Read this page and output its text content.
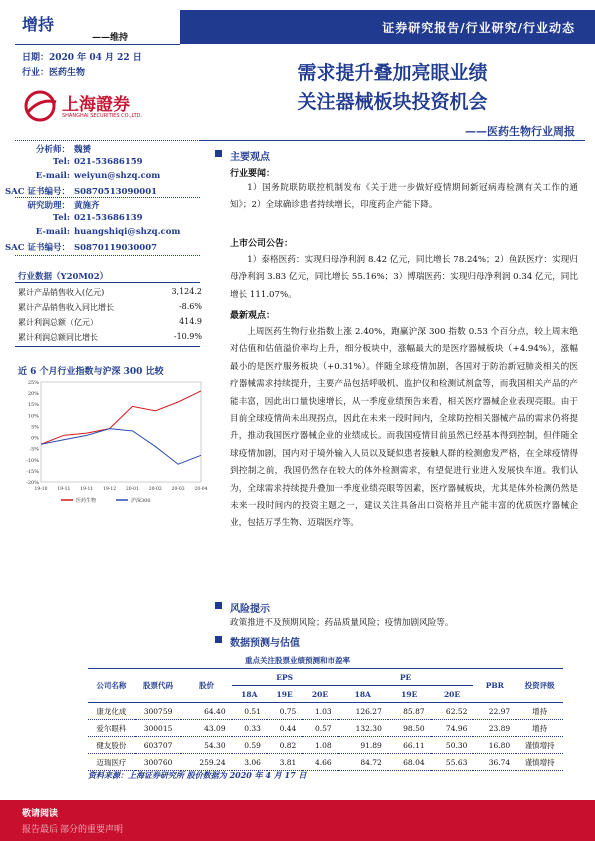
增持
——维持
日期：2020 年 04 月 22 日
行业：医药生物
证券研究报告/行业研究/行业动态
上海證券
SHANGHAI SECURITIES CO.,LTD.
需求提升叠加亮眼业绩
关注器械板块投资机会
——医药生物行业周报
分析师： 魏赟
Tel: 021-53686159
E-mail: weiyun@shzq.com
SAC 证书编号： S0870513090001
研究助理： 黄施齐
Tel: 021-53686139
E-mail: huangshiqi@shzq.com
SAC 证书编号： S0870119030007
行业数据（Y20M02）
累计产品销售收入(亿元)	3,124.2
累计产品销售收入同比增长	-8.6%
累计利润总额（亿元）	414.9
累计利润总额同比增长	-10.9%
近 6 个月行业指数与沪深 300 比较
25%
20%
15%
10%
5%
0%
-5%
-10%
-15%
-20%
19-10 19-11 19-11 19-12 20-01 20-02 20-03 20-04
医药生物	沪深300
主要观点
行业要闻：
1）国务院联防联控机制发布《关于进一步做好疫情期间新冠病毒检测有关工作的通知》；2）全球确诊患者持续增长，印度药企产能下降。
上市公司公告：
1）泰格医药：实现归母净利润 8.42 亿元，同比增长 78.24%；2）鱼跃医疗：实现归母净利润 3.83 亿元，同比增长 55.16%；3）博瑞医药：实现归母净利润 0.34 亿元，同比增长 111.07%。
最新观点：
上周医药生物行业指数上涨 2.40%，跑赢沪深 300 指数 0.53 个百分点，较上周末绝对估值和估值溢价率均上升，细分板块中，涨幅最大的是医疗器械板块（+4.94%），涨幅最小的是医疗服务板块（+0.31%）。伴随全球疫情加剧，各国对于防治新冠肺炎相关的医疗器械需求持续提升，主要产品包括呼吸机、监护仪和检测试剂盒等，而我国相关产品的产能丰富，因此出口量快速增长，从一季度业绩预告来看，相关医疗器械企业表现亮眼。由于目前全球疫情尚未出现拐点，因此在未来一段时间内，全球防控相关器械产品的需求仍将提升，推动我国医疗器械企业的业绩成长。而我国疫情目前虽然已经基本得到控制，但伴随全球疫情加剧，国内对于境外输入人员以及疑似患者接触人群的检测愈发严格，在全球疫情得到控制之前，我国仍然存在较大的体外检测需求，有望促进行业进入发展快车道。我们认为，全球需求持续提升叠加一季度业绩亮眼等因素，医疗器械板块，尤其是体外检测仍然是未来一段时间内的投资主题之一，建议关注具备出口资格并且产能丰富的优质医疗器械企业，包括万孚生物、迈瑞医疗等。
风险提示
政策推进不及预期风险；药品质量风险；疫情加剧风险等。
数据预测与估值
重点关注股票业绩预测和市盈率
公司名称	股票代码	股价	EPS			PE			PBR	投资评级
			18A	19E	20E	18A	19E	20E		
康龙化成	300759	64.40	0.51	0.75	1.03	126.27	85.87	62.52	22.97	增持
爱尔眼科	300015	43.09	0.33	0.44	0.57	132.30	98.50	74.96	23.89	增持
健友股份	603707	54.30	0.59	0.82	1.08	91.89	66.11	50.30	16.80	谨慎增持
迈瑞医疗	300760	259.24	3.06	3.81	4.66	84.72	68.04	55.63	36.74	谨慎增持
资料来源：上海证券研究所 股价数据为 2020 年 4 月 17 日
敬请阅读
报告最后 部分的重要声明
